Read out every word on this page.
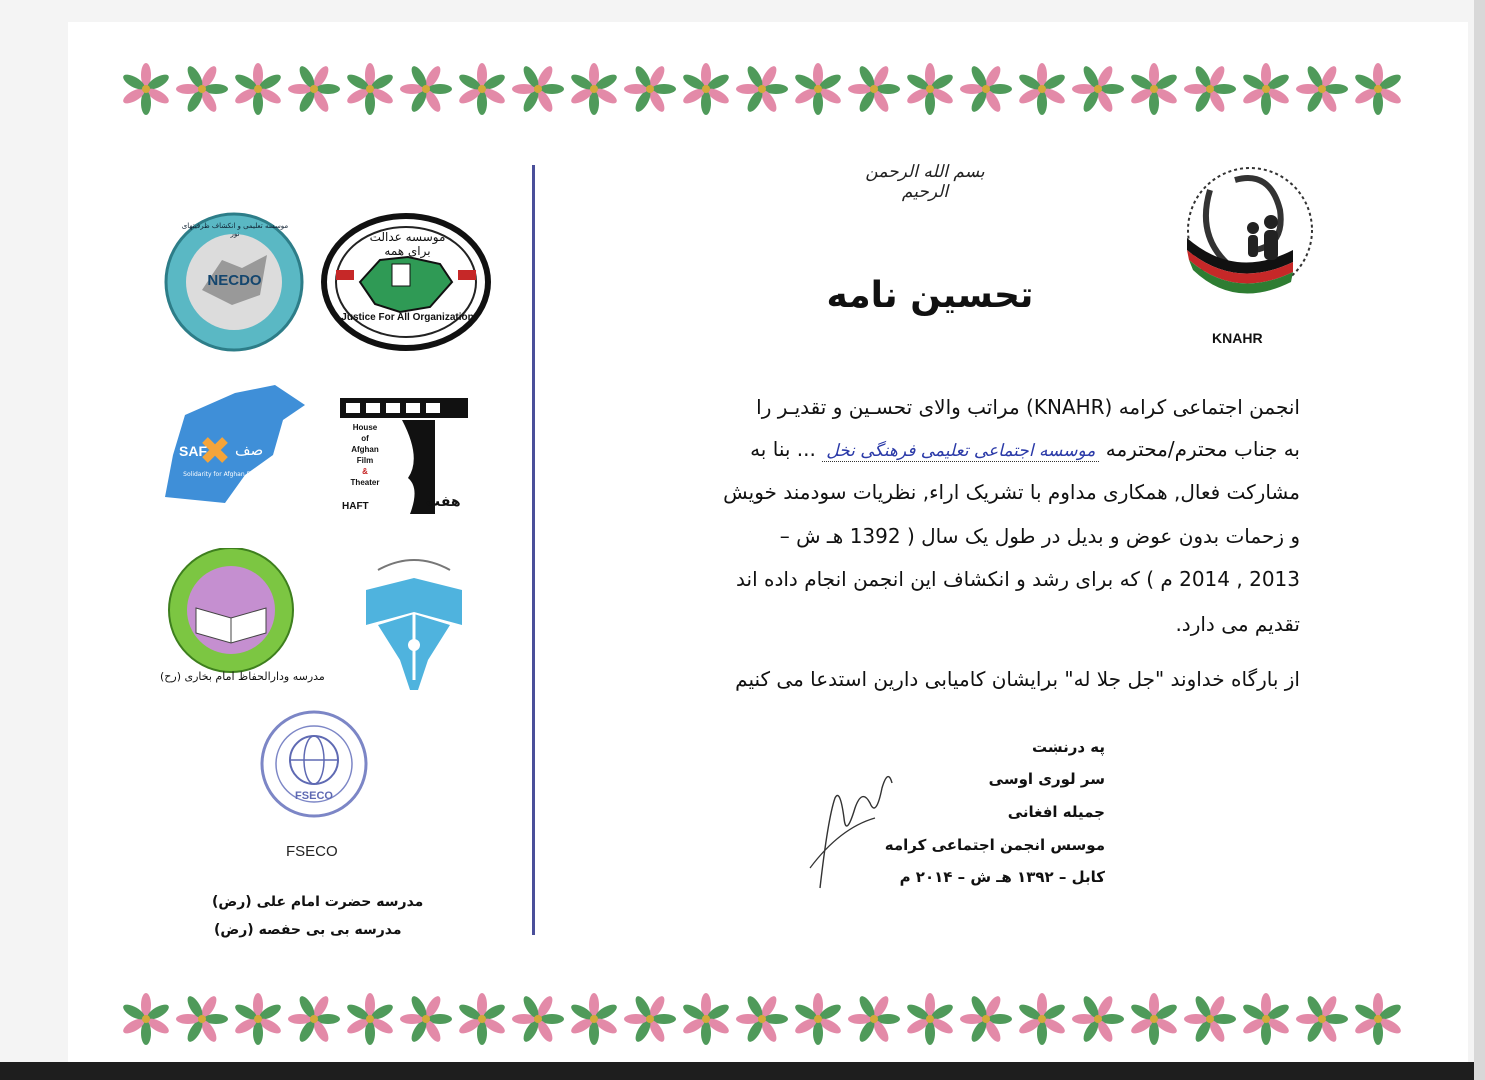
KNAHR
بسم الله الرحمن الرحيم
تحسين نامه
انجمن اجتماعی کرامه (KNAHR) مراتب والای تحسـین و تقدیـر را
به جناب محترم/محترمه موسسه اجتماعی تعلیمی فرهنگی نخل ... بنا به
مشارکت فعال, همکاری مداوم با تشریک اراء, نظریات سودمند خویش
و زحمات بدون عوض و بدیل در طول یک سال ( 1392 هـ ش –
2013 , 2014 م ) که برای رشد و انکشاف این انجمن انجام داده اند
تقدیم می دارد.
از بارگاه خداوند "جل جلا له" برایشان کامیابی دارین استدعا می کنیم
په درنښت
سر لوری اوسی
جمیله افغانی
موسس انجمن اجتماعی کرامه
کابل – ۱۳۹۲ هـ ش – ۲۰۱۴ م
NECDO
موسسه تعلیمی و انکشاف ظرفیتهای نور	موسسه عدالت برای همه
Justice For All Organization
SAF صف
Solidarity for Afghan Families
House
of
Afghan
Film
&
Theater
HAFT	هفت
مدرسه ودارالحفاظ امام بخاری (رح)
FSECO
FSECO
مدرسه حضرت امام علی (رض)
مدرسه بی بی حفصه (رض)
